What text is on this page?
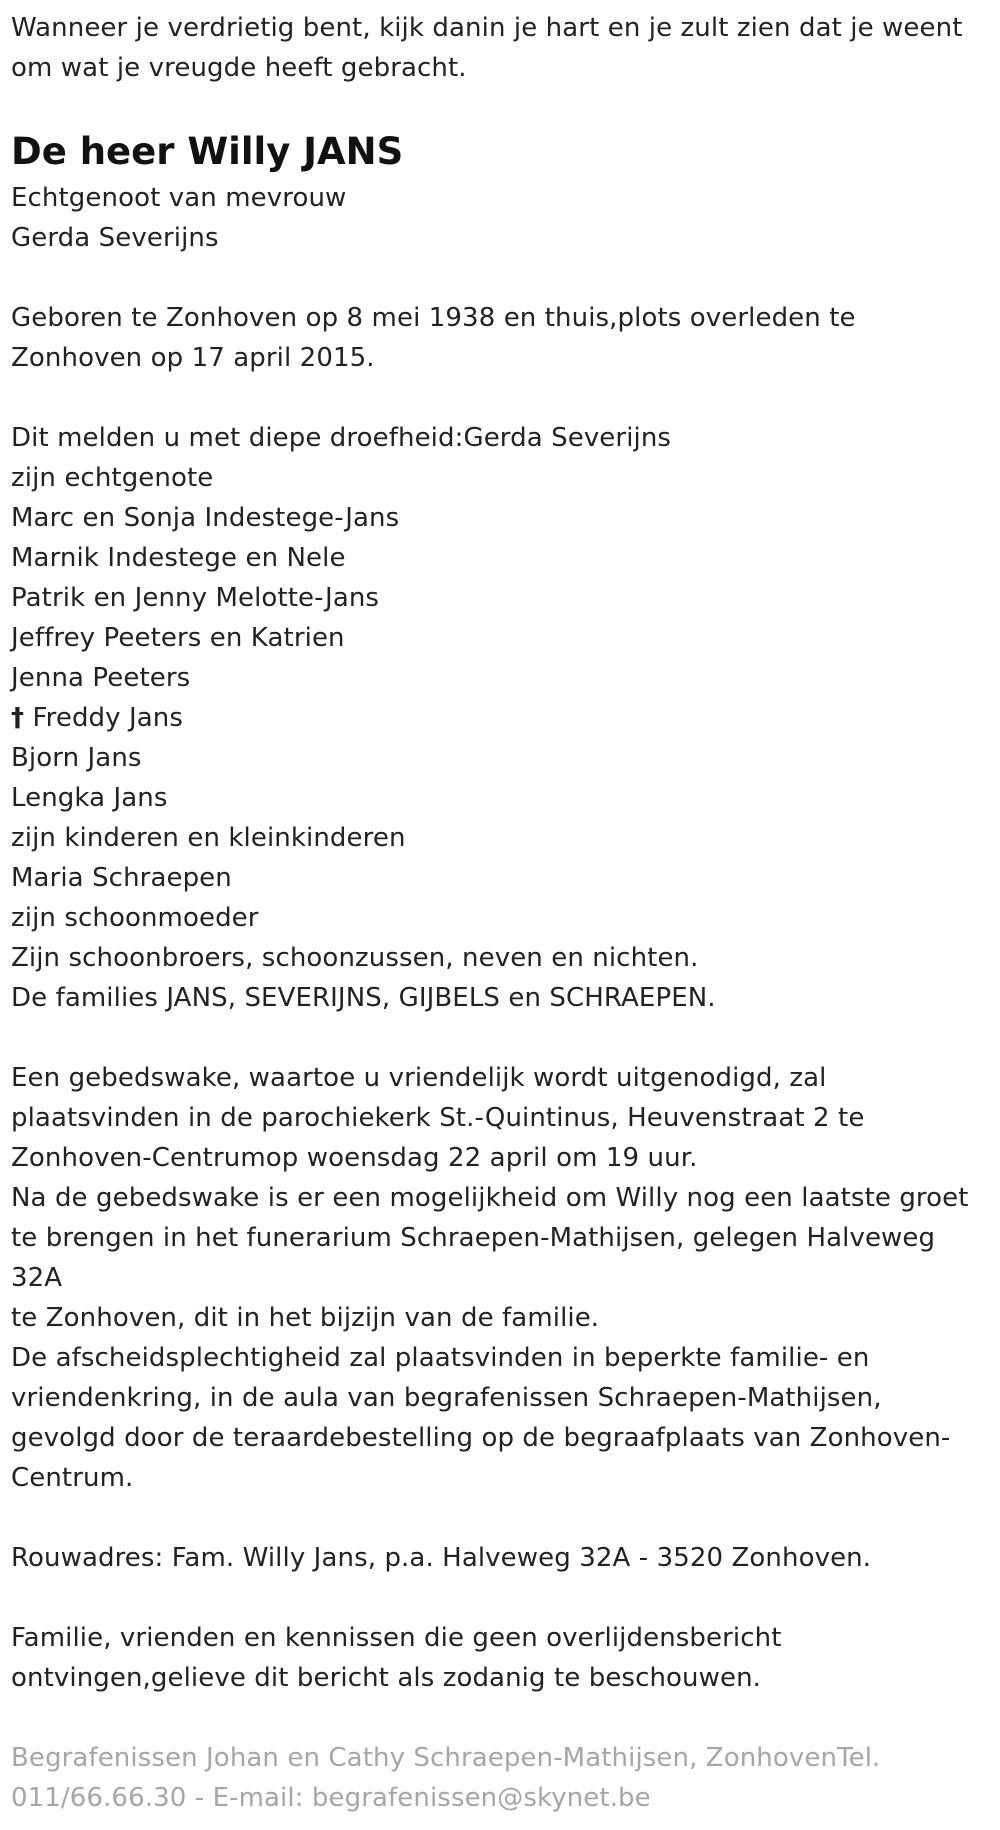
Wanneer je verdrietig bent, kijk danin je hart en je zult zien dat je weent
om wat je vreugde heeft gebracht.
De heer Willy JANS
Echtgenoot van mevrouw
Gerda Severijns
Geboren te Zonhoven op 8 mei 1938 en thuis,plots overleden te
Zonhoven op 17 april 2015.
Dit melden u met diepe droefheid:Gerda Severijns
zijn echtgenote
Marc en Sonja Indestege-Jans
Marnik Indestege en Nele
Patrik en Jenny Melotte-Jans
Jeffrey Peeters en Katrien
Jenna Peeters
† Freddy Jans
Bjorn Jans
Lengka Jans
zijn kinderen en kleinkinderen
Maria Schraepen
zijn schoonmoeder
Zijn schoonbroers, schoonzussen, neven en nichten.
De families JANS, SEVERIJNS, GIJBELS en SCHRAEPEN.
Een gebedswake, waartoe u vriendelijk wordt uitgenodigd, zal
plaatsvinden in de parochiekerk St.-Quintinus, Heuvenstraat 2 te
Zonhoven-Centrumop woensdag 22 april om 19 uur.
Na de gebedswake is er een mogelijkheid om Willy nog een laatste groet
te brengen in het funerarium Schraepen-Mathijsen, gelegen Halveweg
32A
te Zonhoven, dit in het bijzijn van de familie.
De afscheidsplechtigheid zal plaatsvinden in beperkte familie- en
vriendenkring, in de aula van begrafenissen Schraepen-Mathijsen,
gevolgd door de teraardebestelling op de begraafplaats van Zonhoven-
Centrum.
Rouwadres: Fam. Willy Jans, p.a. Halveweg 32A - 3520 Zonhoven.
Familie, vrienden en kennissen die geen overlijdensbericht
ontvingen,gelieve dit bericht als zodanig te beschouwen.
Begrafenissen Johan en Cathy Schraepen-Mathijsen, ZonhovenTel.
011/66.66.30 - E-mail: begrafenissen@skynet.be
